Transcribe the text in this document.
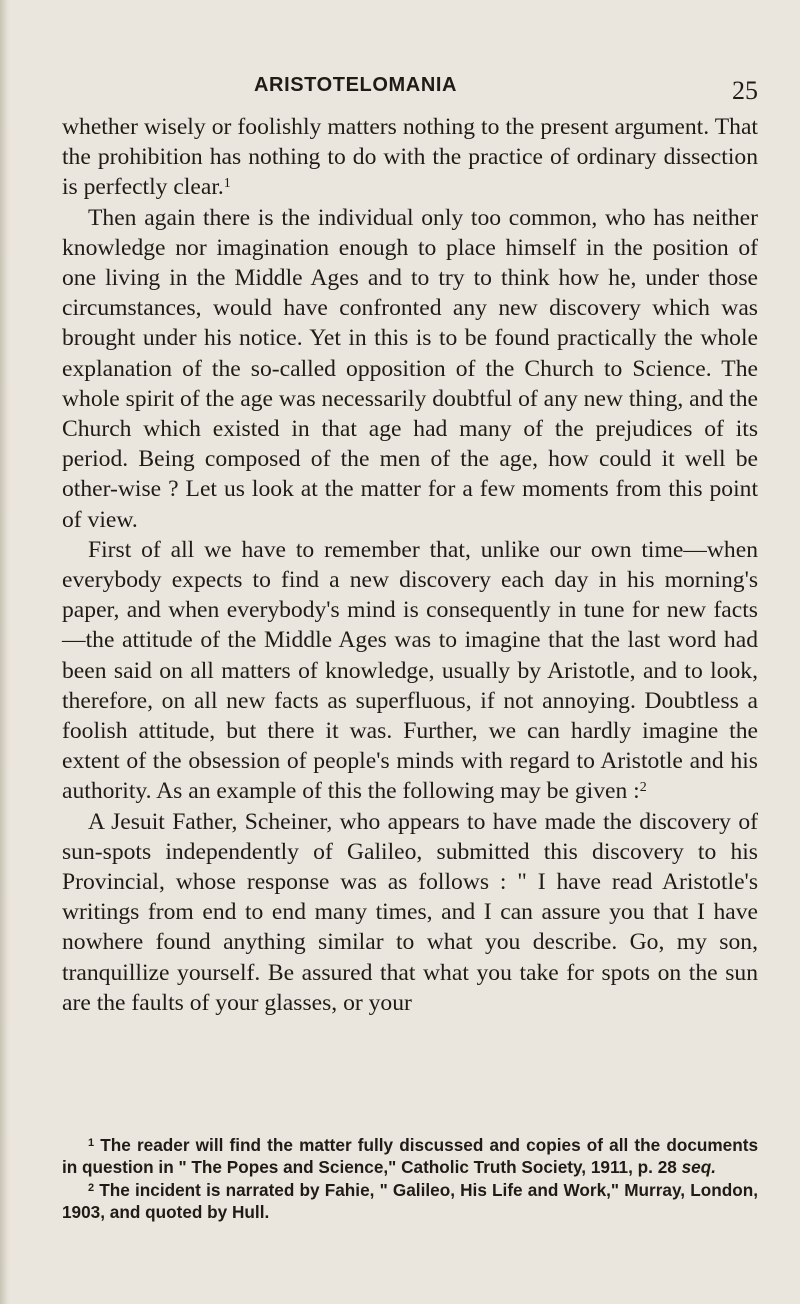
ARISTOTELOMANIA	25

whether wisely or foolishly matters nothing to the present argument. That the prohibition has nothing to do with the practice of ordinary dissection is perfectly clear.$^1$

Then again there is the individual only too common, who has neither knowledge nor imagination enough to place himself in the position of one living in the Middle Ages and to try to think how he, under those circumstances, would have confronted any new discovery which was brought under his notice. Yet in this is to be found practically the whole explanation of the so-called opposition of the Church to Science. The whole spirit of the age was necessarily doubtful of any new thing, and the Church which existed in that age had many of the prejudices of its period. Being composed of the men of the age, how could it well be other-wise ? Let us look at the matter for a few moments from this point of view.

First of all we have to remember that, unlike our own time—when everybody expects to find a new discovery each day in his morning's paper, and when everybody's mind is consequently in tune for new facts—the attitude of the Middle Ages was to imagine that the last word had been said on all matters of knowledge, usually by Aristotle, and to look, therefore, on all new facts as superfluous, if not annoying. Doubtless a foolish attitude, but there it was. Further, we can hardly imagine the extent of the obsession of people's minds with regard to Aristotle and his authority. As an example of this the following may be given :$^2$

A Jesuit Father, Scheiner, who appears to have made the discovery of sun-spots independently of Galileo, submitted this discovery to his Provincial, whose response was as follows : " I have read Aristotle's writings from end to end many times, and I can assure you that I have nowhere found anything similar to what you describe. Go, my son, tranquillize yourself. Be assured that what you take for spots on the sun are the faults of your glasses, or your

$^1$ The reader will find the matter fully discussed and copies of all the documents in question in " The Popes and Science," Catholic Truth Society, 1911, p. 28 seq.

$^2$ The incident is narrated by Fahie, " Galileo, His Life and Work," Murray, London, 1903, and quoted by Hull.
